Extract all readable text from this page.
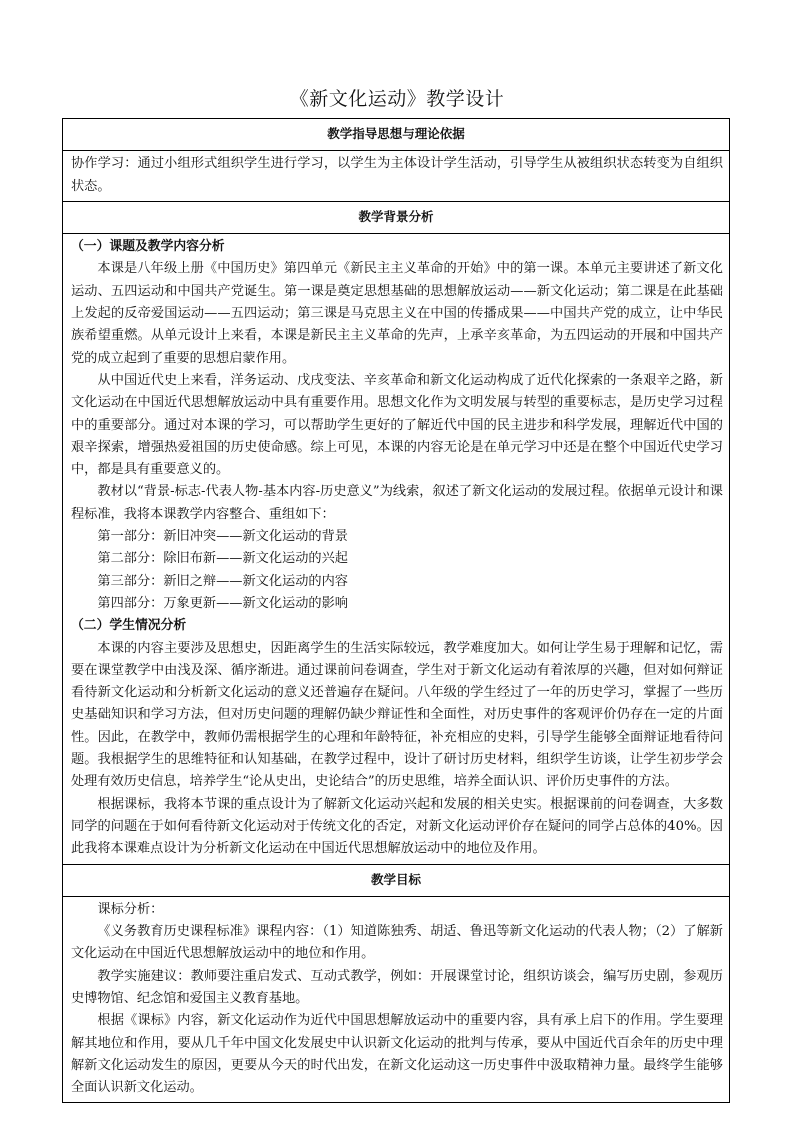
《新文化运动》教学设计
教学指导思想与理论依据

协作学习：通过小组形式组织学生进行学习，以学生为主体设计学生活动，引导学生从被组织状态转变为自组织状态。

教学背景分析
（一）课题及教学内容分析

本课是八年级上册《中国历史》第四单元《新民主主义革命的开始》中的第一课。本单元主要讲述了新文化运动、五四运动和中国共产党诞生。第一课是奠定思想基础的思想解放运动——新文化运动；第二课是在此基础上发起的反帝爱国运动——五四运动；第三课是马克思主义在中国的传播成果——中国共产党的成立，让中华民族希望重燃。从单元设计上来看，本课是新民主主义革命的先声，上承辛亥革命，为五四运动的开展和中国共产党的成立起到了重要的思想启蒙作用。

从中国近代史上来看，洋务运动、戊戌变法、辛亥革命和新文化运动构成了近代化探索的一条艰辛之路，新文化运动在中国近代思想解放运动中具有重要作用。思想文化作为文明发展与转型的重要标志，是历史学习过程中的重要部分。通过对本课的学习，可以帮助学生更好的了解近代中国的民主进步和科学发展，理解近代中国的艰辛探索，增强热爱祖国的历史使命感。综上可见，本课的内容无论是在单元学习中还是在整个中国近代史学习中，都是具有重要意义的。

教材以“背景-标志-代表人物-基本内容-历史意义”为线索，叙述了新文化运动的发展过程。依据单元设计和课程标准，我将本课教学内容整合、重组如下：

第一部分：新旧冲突——新文化运动的背景

第二部分：除旧布新——新文化运动的兴起

第三部分：新旧之辩——新文化运动的内容

第四部分：万象更新——新文化运动的影响

（二）学生情况分析

本课的内容主要涉及思想史，因距离学生的生活实际较远，教学难度加大。如何让学生易于理解和记忆，需要在课堂教学中由浅及深、循序渐进。通过课前问卷调查，学生对于新文化运动有着浓厚的兴趣，但对如何辩证看待新文化运动和分析新文化运动的意义还普遍存在疑问。八年级的学生经过了一年的历史学习，掌握了一些历史基础知识和学习方法，但对历史问题的理解仍缺少辩证性和全面性，对历史事件的客观评价仍存在一定的片面性。因此，在教学中，教师仍需根据学生的心理和年龄特征，补充相应的史料，引导学生能够全面辩证地看待问题。我根据学生的思维特征和认知基础，在教学过程中，设计了研讨历史材料，组织学生访谈，让学生初步学会处理有效历史信息，培养学生“论从史出，史论结合”的历史思维，培养全面认识、评价历史事件的方法。

根据课标，我将本节课的重点设计为了解新文化运动兴起和发展的相关史实。根据课前的问卷调查，大多数同学的问题在于如何看待新文化运动对于传统文化的否定，对新文化运动评价存在疑问的同学占总体的40%。因此我将本课难点设计为分析新文化运动在中国近代思想解放运动中的地位及作用。

教学目标

课标分析：

《义务教育历史课程标准》课程内容：（1）知道陈独秀、胡适、鲁迅等新文化运动的代表人物；（2）了解新文化运动在中国近代思想解放运动中的地位和作用。

教学实施建议：教师要注重启发式、互动式教学，例如：开展课堂讨论，组织访谈会，编写历史剧，参观历史博物馆、纪念馆和爱国主义教育基地。

根据《课标》内容，新文化运动作为近代中国思想解放运动中的重要内容，具有承上启下的作用。学生要理解其地位和作用，要从几千年中国文化发展史中认识新文化运动的批判与传承，要从中国近代百余年的历史中理解新文化运动发生的原因，更要从今天的时代出发，在新文化运动这一历史事件中汲取精神力量。最终学生能够全面认识新文化运动。
